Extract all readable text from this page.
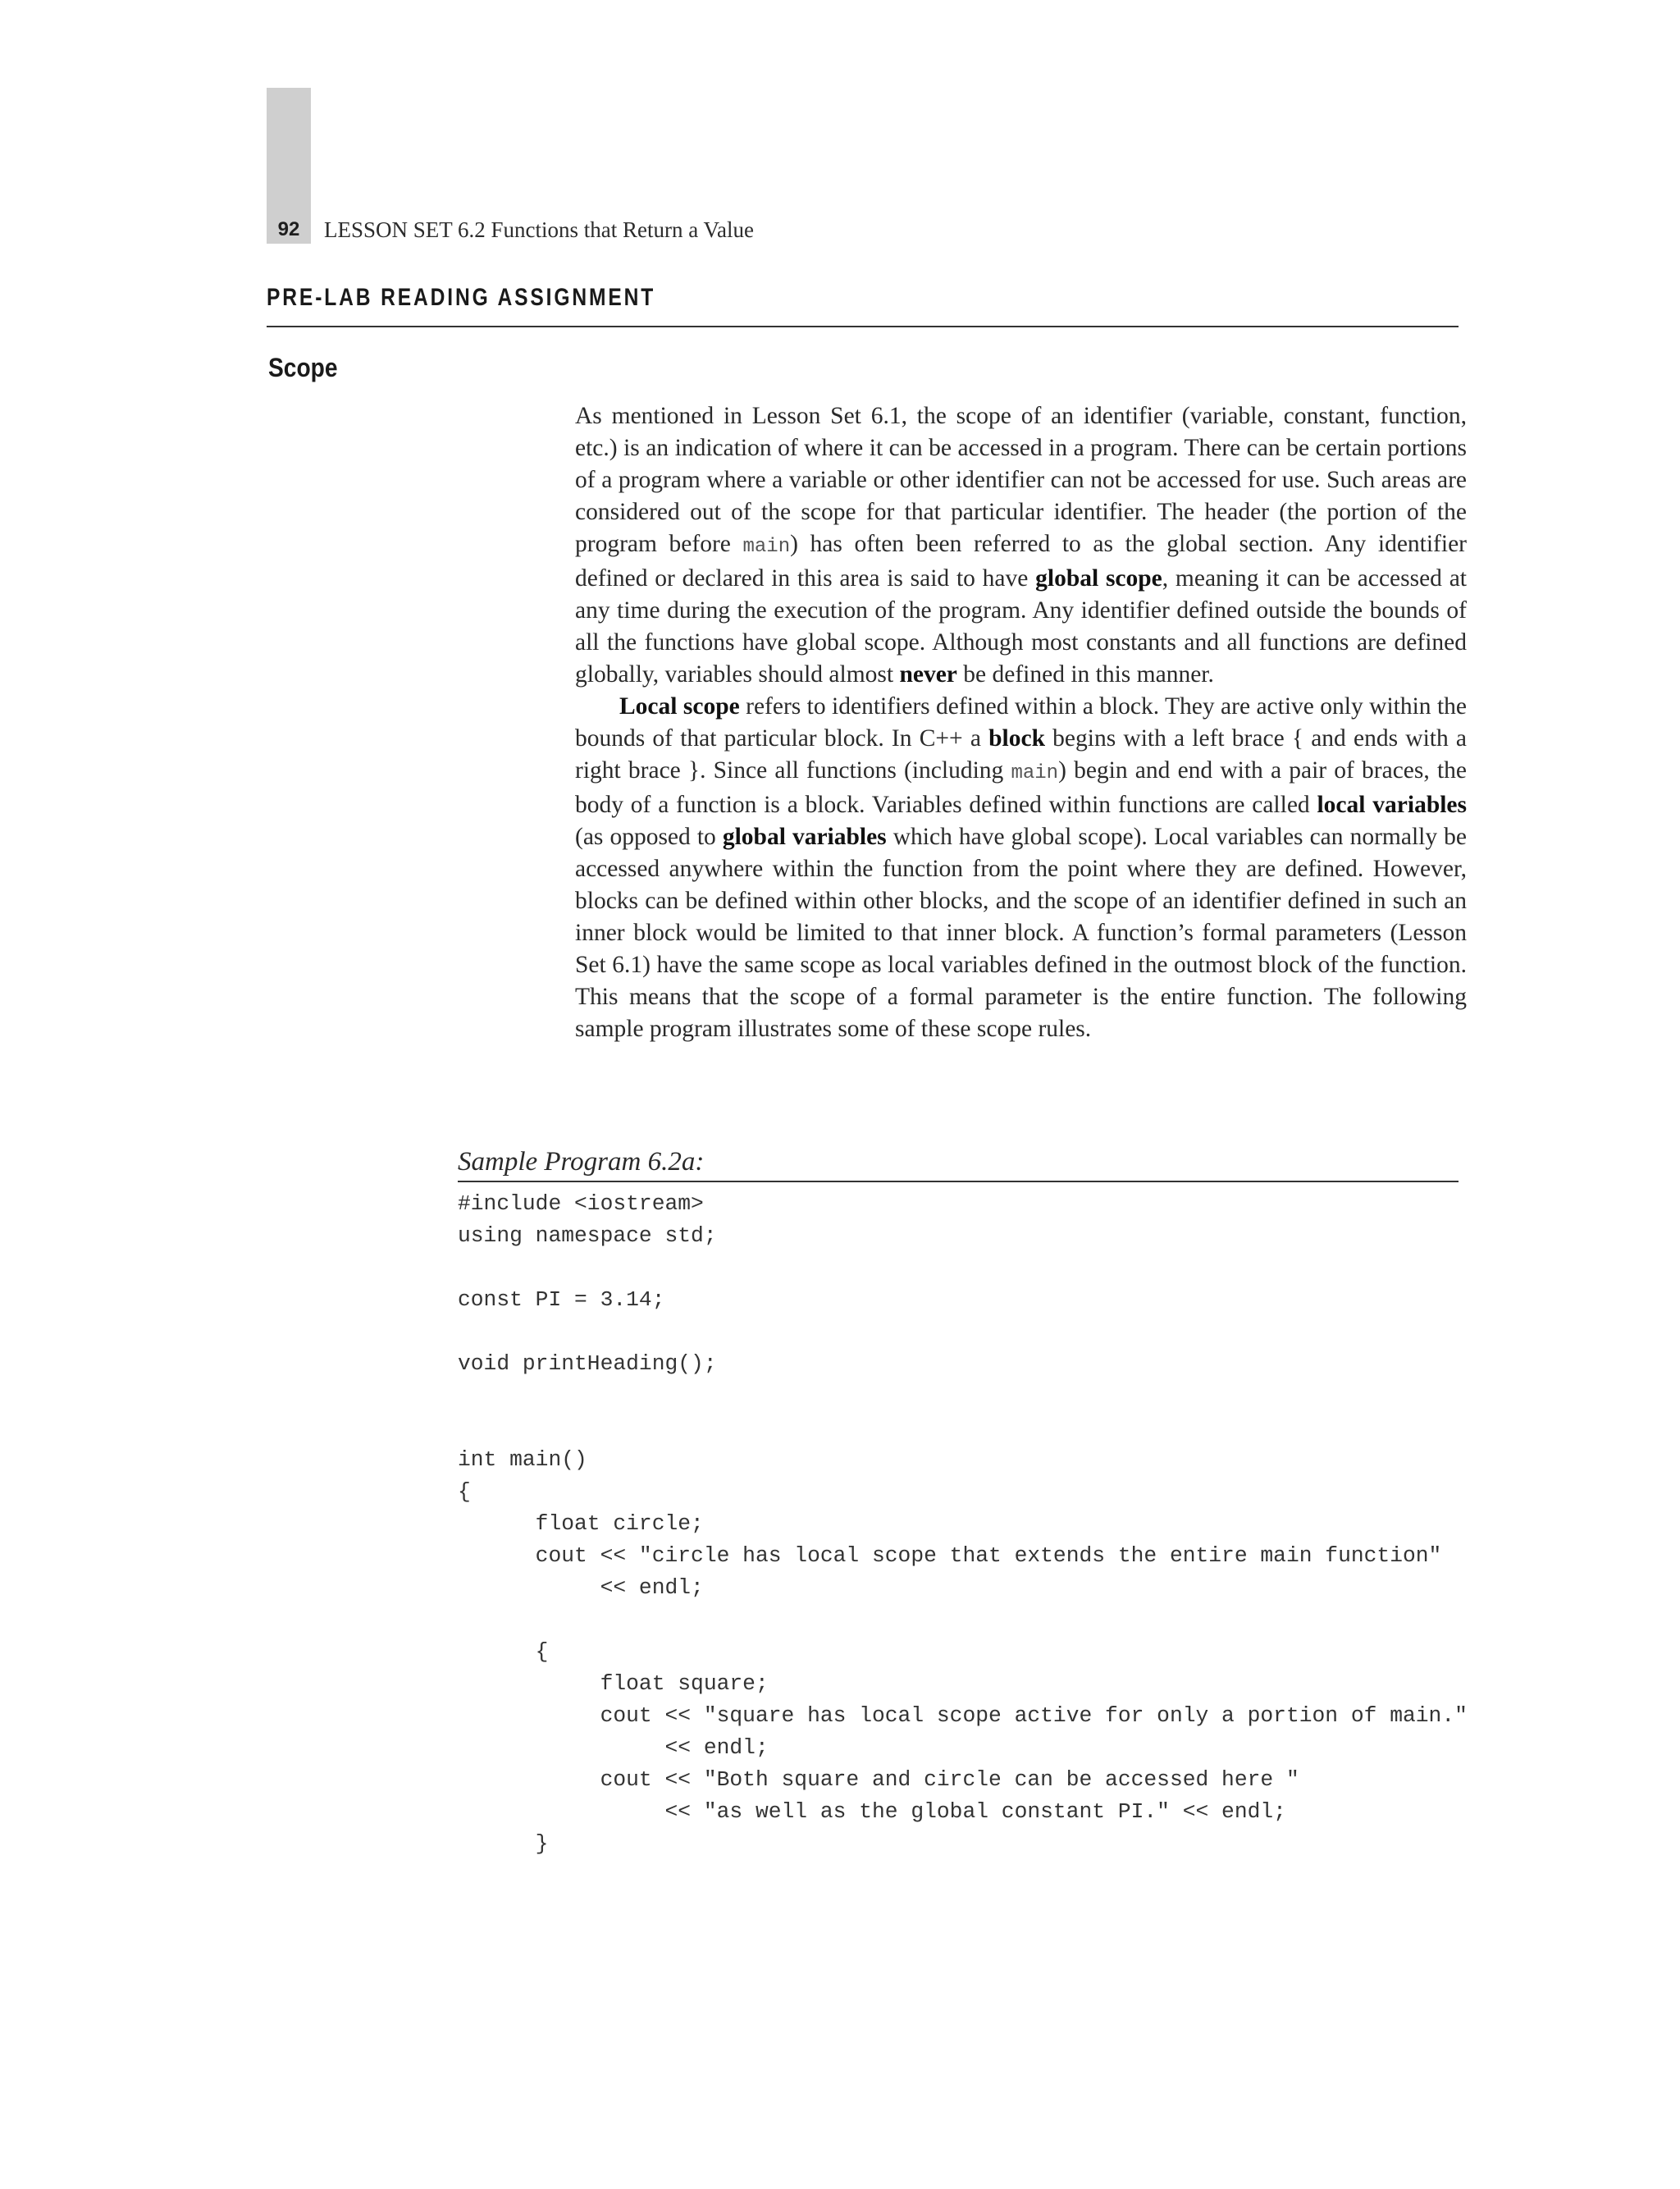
92	LESSON SET 6.2 Functions that Return a Value
PRE-LAB READING ASSIGNMENT
Scope

As mentioned in Lesson Set 6.1, the scope of an identifier (variable, constant, function, etc.) is an indication of where it can be accessed in a program. There can be certain portions of a program where a variable or other identifier can not be accessed for use. Such areas are considered out of the scope for that particular identifier. The header (the portion of the program before main) has often been referred to as the global section. Any identifier defined or declared in this area is said to have global scope, meaning it can be accessed at any time during the execution of the program. Any identifier defined outside the bounds of all the functions have global scope. Although most constants and all functions are defined globally, variables should almost never be defined in this manner.

Local scope refers to identifiers defined within a block. They are active only within the bounds of that particular block. In C++ a block begins with a left brace { and ends with a right brace }. Since all functions (including main) begin and end with a pair of braces, the body of a function is a block. Variables defined within functions are called local variables (as opposed to global variables which have global scope). Local variables can normally be accessed anywhere within the function from the point where they are defined. However, blocks can be defined within other blocks, and the scope of an identifier defined in such an inner block would be limited to that inner block. A function’s formal parameters (Lesson Set 6.1) have the same scope as local variables defined in the outmost block of the function. This means that the scope of a formal parameter is the entire function. The following sample program illustrates some of these scope rules.

Sample Program 6.2a:
#include <iostream>
using namespace std;
const PI = 3.14;
void printHeading();
int main()
{
float circle;
cout << "circle has local scope that extends the entire main function"
<< endl;
{
float square;
cout << "square has local scope active for only a portion of main."
<< endl;
cout << "Both square and circle can be accessed here "
<< "as well as the global constant PI." << endl;
}
